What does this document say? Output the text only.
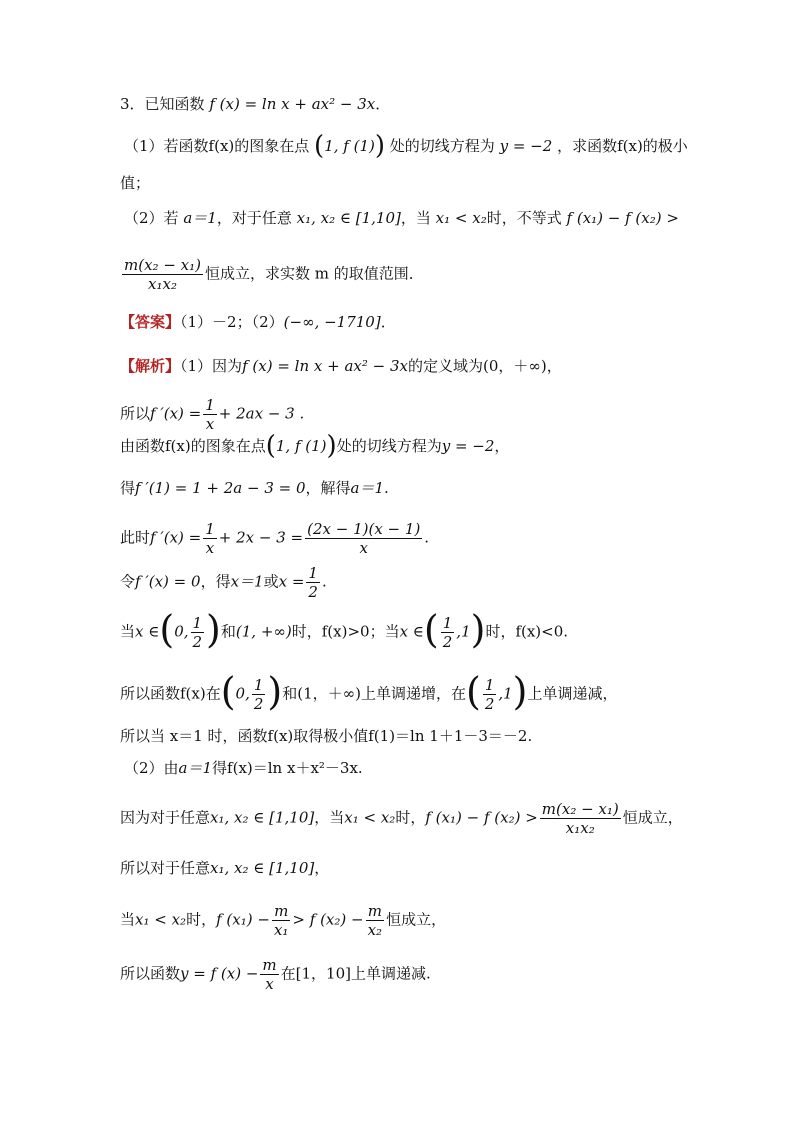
3．已知函数 f (x) = ln x + ax² − 3x．
（1）若函数f(x)的图象在点 (1, f (1)) 处的切线方程为 y = −2 ，求函数f(x)的极小
值；
（2）若 a＝1，对于任意 x₁, x₂ ∈ [1,10]，当 x₁ < x₂时，不等式 f (x₁) − f (x₂) >
$\frac{\text{m(x₂ − x₁)}}{\text{x₁x₂}}$ 恒成立，求实数 m 的取值范围．
【答案】（1）－2；（2）(−∞, −1710]．
【解析】（1）因为f (x) = ln x + ax² − 3x的定义域为(0，＋∞)，
所以f $'(x) = \frac{1}{x} + 2ax - 3$ .
由函数f(x)的图象在点(1, f (1))处的切线方程为y = −2，
得f ′(1) = 1 + 2a − 3 = 0，解得a＝1.
此时f $'(x) = \frac{1}{x} + 2x - 3 = \frac{(2x - 1)(x - 1)}{x}$ .
令f ′(x) = 0，得x＝1或$x = \frac{1}{2}$ .
当x ∈(0, $\frac{1}{2}$ )和(1, +∞)时，f(x)>0；当x ∈( $\frac{1}{2} ,1$)时，f(x)<0.
所以函数f(x)在(0, $\frac{1}{2}$ )和(1，＋∞)上单调递增，在( $\frac{1}{2} ,1$)上单调递减，
所以当 x＝1 时，函数f(x)取得极小值f(1)＝ln 1＋1－3＝－2.
（2）由a＝1得f(x)＝ln x＋x²－3x.
因为对于任意x₁, x₂ ∈ [1,10]，当x₁ < x₂时，f (x₁) − f $(x_2) > \frac{\text{m(x₂ − x₁)}}{\text{x₁x₂}}$ 恒成立，
所以对于任意x₁, x₂ ∈ [1,10]，
当x₁ < x₂时，f $(x_1) - \frac{m}{\text{x₁}} > f$ $(x_2) - \frac{m}{\text{x₂}}$ 恒成立，
所以函数y = f $(x) - \frac{m}{x}$ 在[1，10]上单调递减.
